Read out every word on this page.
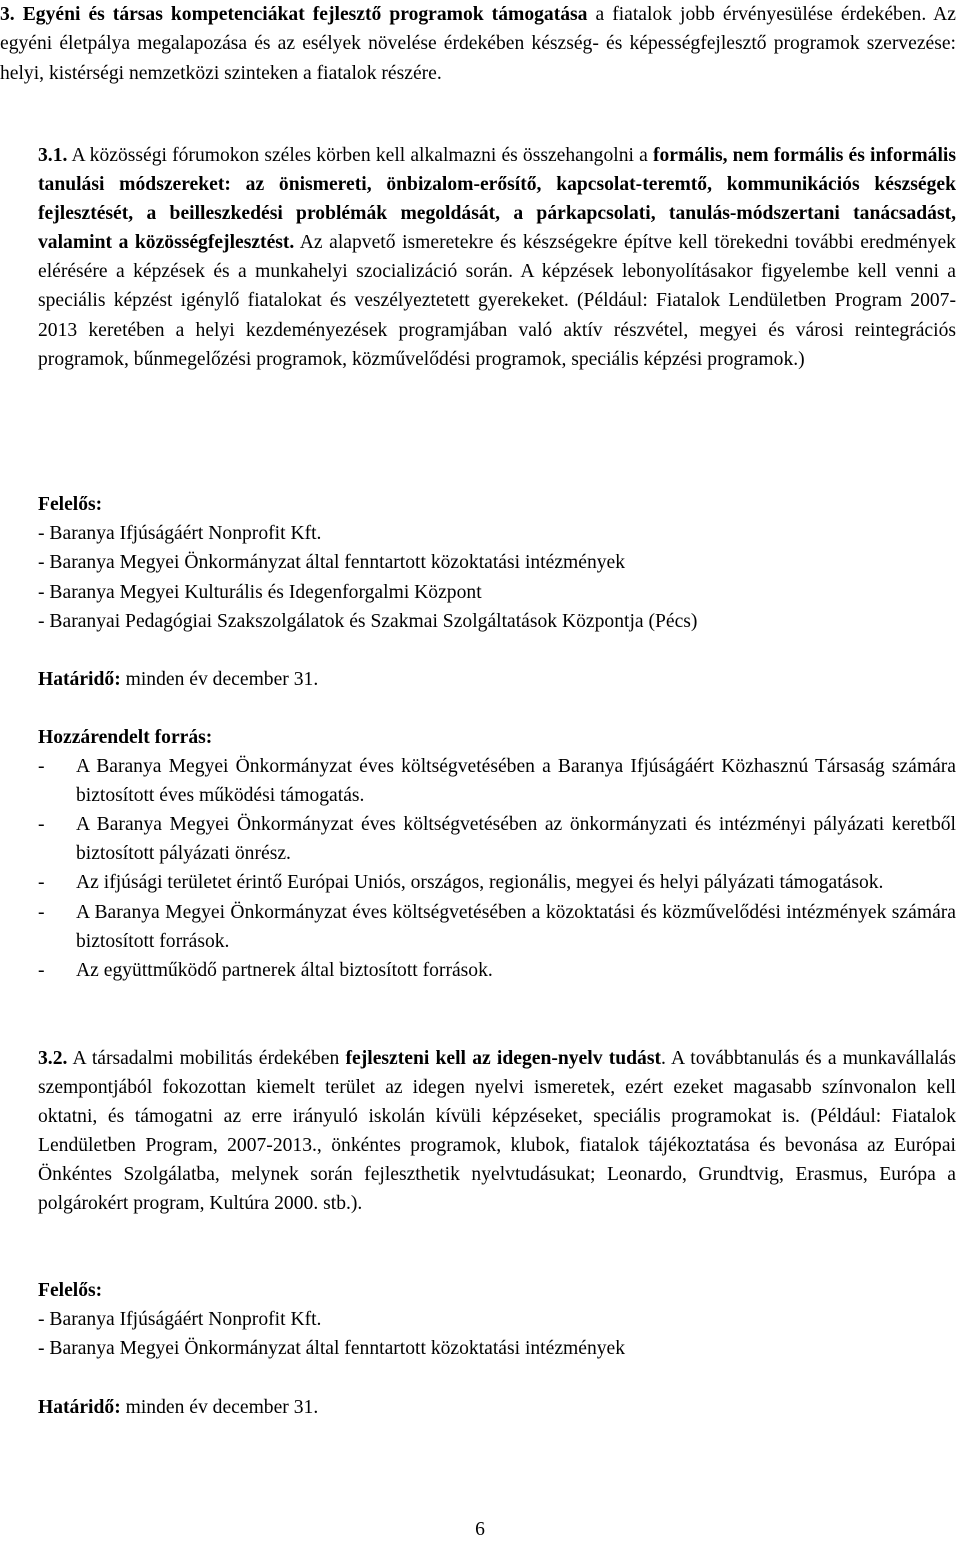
3. Egyéni és társas kompetenciákat fejlesztő programok támogatása a fiatalok jobb érvényesülése érdekében. Az egyéni életpálya megalapozása és az esélyek növelése érdekében készség- és képességfejlesztő programok szervezése: helyi, kistérségi nemzetközi szinteken a fiatalok részére.
3.1. A közösségi fórumokon széles körben kell alkalmazni és összehangolni a formális, nem formális és informális tanulási módszereket: az önismereti, önbizalom-erősítő, kapcsolat-teremtő, kommunikációs készségek fejlesztését, a beilleszkedési problémák megoldását, a párkapcsolati, tanulás-módszertani tanácsadást, valamint a közösségfejlesztést. Az alapvető ismeretekre és készségekre építve kell törekedni további eredmények elérésére a képzések és a munkahelyi szocializáció során. A képzések lebonyolításakor figyelembe kell venni a speciális képzést igénylő fiatalokat és veszélyeztetett gyerekeket. (Például: Fiatalok Lendületben Program 2007-2013 keretében a helyi kezdeményezések programjában való aktív részvétel, megyei és városi reintegrációs programok, bűnmegelőzési programok, közművelődési programok, speciális képzési programok.)
Felelős:
- Baranya Ifjúságáért Nonprofit Kft.
- Baranya Megyei Önkormányzat által fenntartott közoktatási intézmények
- Baranya Megyei Kulturális és Idegenforgalmi Központ
- Baranyai Pedagógiai Szakszolgálatok és Szakmai Szolgáltatások Központja (Pécs)
Határidő: minden év december 31.
Hozzárendelt forrás:
- A Baranya Megyei Önkormányzat éves költségvetésében a Baranya Ifjúságáért Közhasznú Társaság számára biztosított éves működési támogatás.
- A Baranya Megyei Önkormányzat éves költségvetésében az önkormányzati és intézményi pályázati keretből biztosított pályázati önrész.
- Az ifjúsági területet érintő Európai Uniós, országos, regionális, megyei és helyi pályázati támogatások.
- A Baranya Megyei Önkormányzat éves költségvetésében a közoktatási és közművelődési intézmények számára biztosított források.
- Az együttműködő partnerek által biztosított források.
3.2. A társadalmi mobilitás érdekében fejleszteni kell az idegen-nyelv tudást. A továbbtanulás és a munkavállalás szempontjából fokozottan kiemelt terület az idegen nyelvi ismeretek, ezért ezeket magasabb színvonalon kell oktatni, és támogatni az erre irányuló iskolán kívüli képzéseket, speciális programokat is. (Például: Fiatalok Lendületben Program, 2007-2013., önkéntes programok, klubok, fiatalok tájékoztatása és bevonása az Európai Önkéntes Szolgálatba, melynek során fejleszthetik nyelvtudásukat; Leonardo, Grundtvig, Erasmus, Európa a polgárokért program, Kultúra 2000. stb.).
Felelős:
- Baranya Ifjúságáért Nonprofit Kft.
- Baranya Megyei Önkormányzat által fenntartott közoktatási intézmények
Határidő: minden év december 31.
6
